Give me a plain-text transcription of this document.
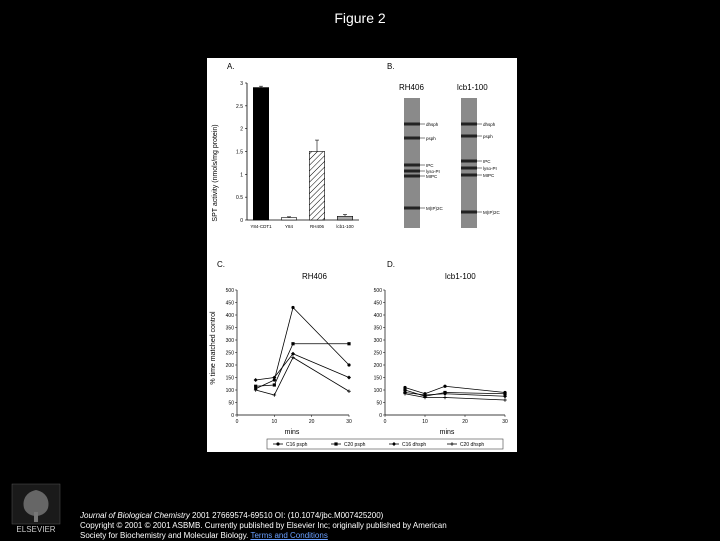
Figure 2
A.
SPT activity (nmols/mg protein)	0
0.5
1
1.5
2
2.5
3
Y84-CDT1	Y84	RH406	lcb1-100
B.
RH406	lcb1-100
dhsph
psph
IPC
lyso-PI
MIPC
M(IP)2C
dhsph
psph
IPC
lyso-PI
MIPC
M(IP)2C
C.
RH406
% time matched control
mins
0
50
100
150
200
250
300
350
400
450
500
0	10	20	30
D.
lcb1-100
mins
0
50
100
150
200
250
300
350
400
450
500
0	10	20	30
C16 psph	C20 psph	C16 dhsph	C20 dhsph
ELSEVIER
Journal of Biological Chemistry 2001 27669574-69510 OI: (10.1074/jbc.M007425200)
Copyright © 2001 © 2001 ASBMB. Currently published by Elsevier Inc; originally published by American
Society for Biochemistry and Molecular Biology. Terms and Conditions
